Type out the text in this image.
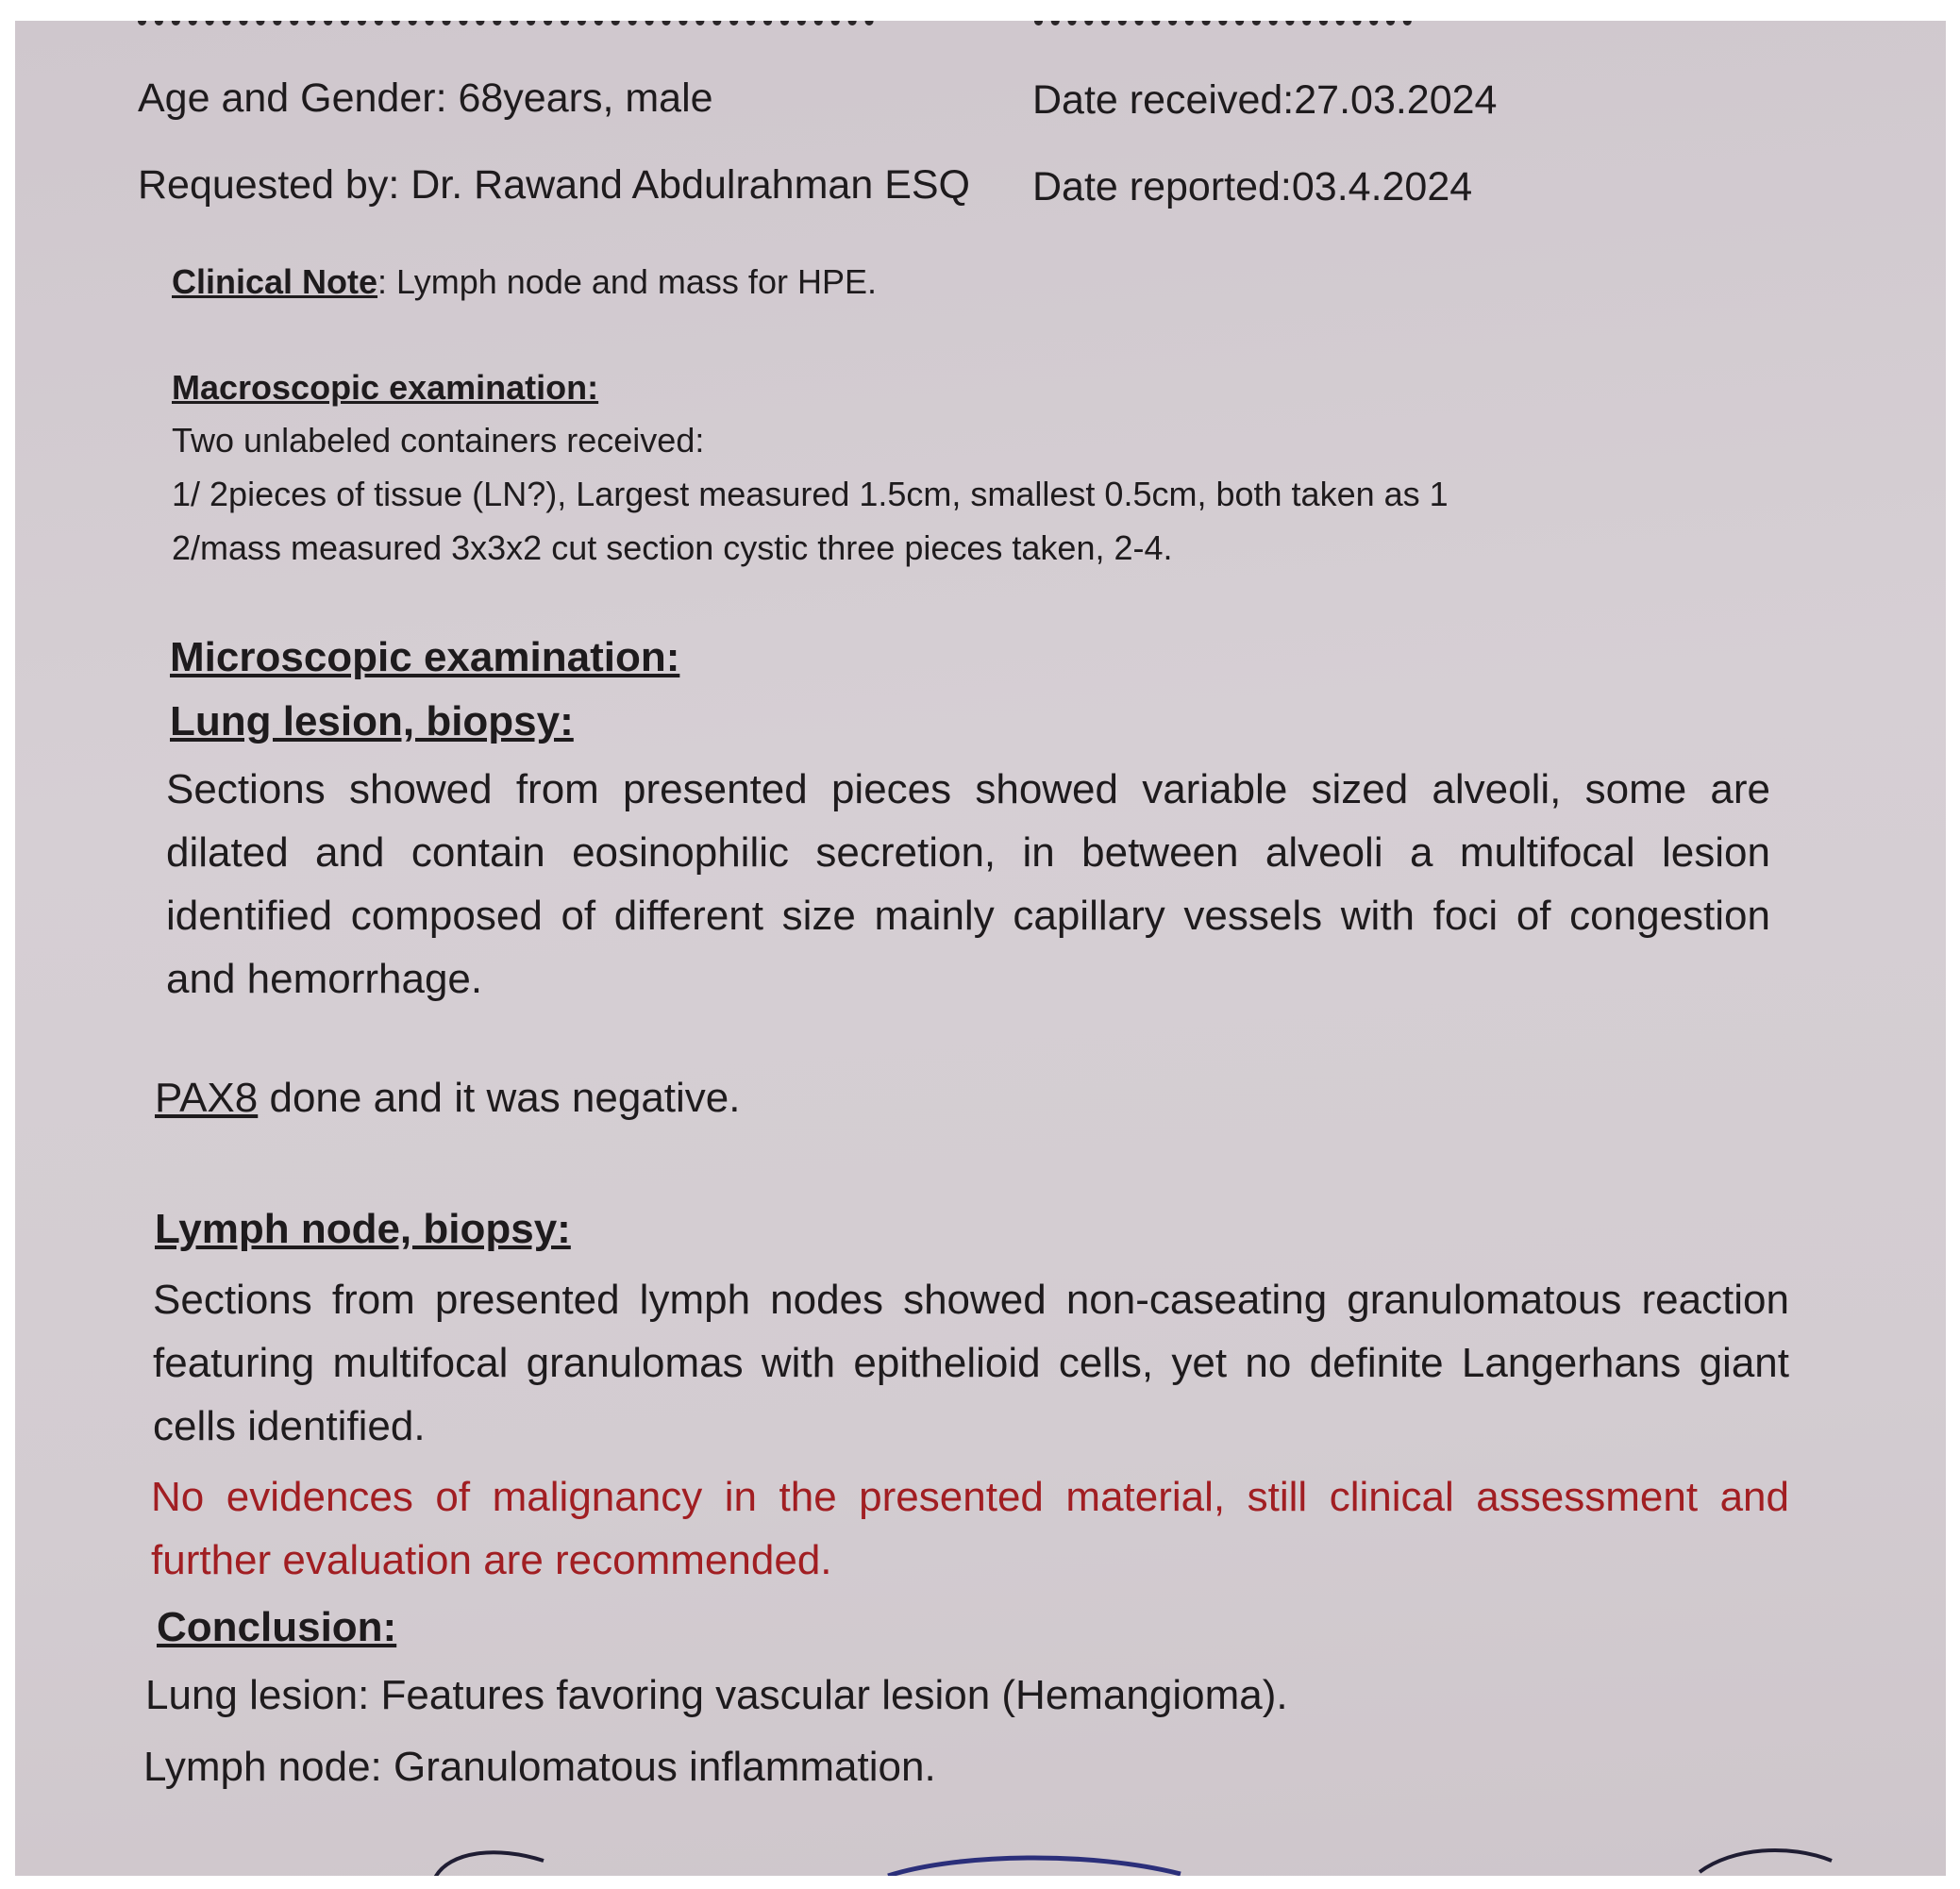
Age and Gender: 68years, male	Date received:27.03.2024
Requested by: Dr. Rawand Abdulrahman ESQ Date reported:03.4.2024
Clinical Note: Lymph node and mass for HPE.
Macroscopic examination:
Two unlabeled containers received:
1/ 2pieces of tissue (LN?), Largest measured 1.5cm, smallest 0.5cm, both taken as 1
2/mass measured 3x3x2 cut section cystic three pieces taken, 2-4.
Microscopic examination:
Lung lesion, biopsy:
Sections showed from presented pieces showed variable sized alveoli, some are dilated and contain eosinophilic secretion, in between alveoli a multifocal lesion identified composed of different size mainly capillary vessels with foci of congestion and hemorrhage.
PAX8 done and it was negative.
Lymph node, biopsy:
Sections from presented lymph nodes showed non-caseating granulomatous reaction featuring multifocal granulomas with epithelioid cells, yet no definite Langerhans giant cells identified.
No evidences of malignancy in the presented material, still clinical assessment and further evaluation are recommended.
Conclusion:
Lung lesion: Features favoring vascular lesion (Hemangioma).
Lymph node: Granulomatous inflammation.
